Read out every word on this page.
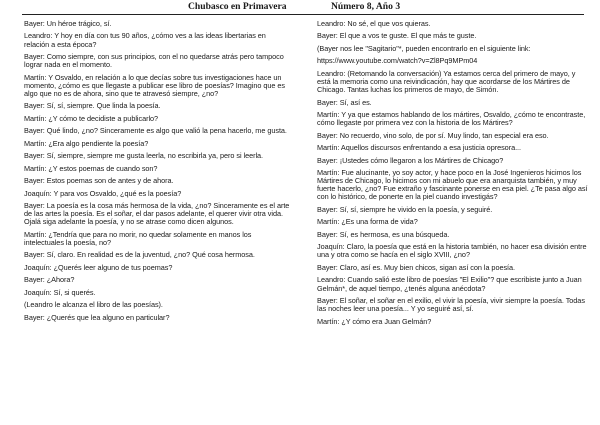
Chubasco en Primavera	Número 8, Año 3

Bayer: Un héroe trágico, sí.

Leandro: Y hoy en día con tus 90 años, ¿cómo ves a las ideas libertarias en relación a esta época?

Bayer: Como siempre, con sus principios, con el no quedarse atrás pero tampoco lograr nada en el momento.

Martín: Y Osvaldo, en relación a lo que decías sobre tus investigaciones hace un momento, ¿cómo es que llegaste a publicar ese libro de poesías? Imagino que es algo que no es de ahora, sino que te atravesó siempre, ¿no?

Bayer: Sí, sí, siempre. Que linda la poesía.

Martín: ¿Y cómo te decidiste a publicarlo?

Bayer: Qué lindo, ¿no? Sinceramente es algo que valió la pena hacerlo, me gusta.

Martín: ¿Era algo pendiente la poesía?

Bayer: Sí, siempre, siempre me gusta leerla, no escribirla ya, pero si leerla.

Martín: ¿Y estos poemas de cuando son?

Bayer: Estos poemas son de antes y de ahora.

Joaquín: Y para vos Osvaldo, ¿qué es la poesía?

Bayer: La poesía es la cosa más hermosa de la vida, ¿no? Sinceramente es el arte de las artes la poesía. Es el soñar, el dar pasos adelante, el querer vivir otra vida. Ojalá siga adelante la poesía, y no se atrase como dicen algunos.

Martín: ¿Tendría que para no morir, no quedar solamente en manos los intelectuales la poesía, no?

Bayer: Sí, claro. En realidad es de la juventud, ¿no? Qué cosa hermosa.

Joaquín: ¿Querés leer alguno de tus poemas?

Bayer: ¿Ahora?

Joaquín: Sí, si querés.

(Leandro le alcanza el libro de las poesías).

Bayer: ¿Querés que lea alguno en particular?

Leandro: No sé, el que vos quieras.

Bayer: El que a vos te guste. El que más te guste.

(Bayer nos lee "Sagitario"*, pueden encontrarlo en el siguiente link:

https://www.youtube.com/watch?v=Zl8Pq9MPm04

Leandro: (Retomando la conversación) Ya estamos cerca del primero de mayo, y está la memoria como una reivindicación, hay que acordarse de los Mártires de Chicago. Tantas luchas los primeros de mayo, de Simón.

Bayer: Sí, así es.

Martín: Y ya que estamos hablando de los mártires, Osvaldo, ¿cómo te encontraste, cómo llegaste por primera vez con la historia de los Mártires?

Bayer: No recuerdo, vino solo, de por sí. Muy lindo, tan especial era eso.

Martín: Aquellos discursos enfrentando a esa justicia opresora...

Bayer: ¡Ustedes cómo llegaron a los Mártires de Chicago?

Martín: Fue alucinante, yo soy actor, y hace poco en la José Ingenieros hicimos los Mártires de Chicago, lo hicimos con mi abuelo que era anarquista también, y muy fuerte hacerlo, ¿no? Fue extraño y fascinante ponerse en esa piel. ¿Te pasa algo así con lo histórico, de ponerte en la piel cuando investigás?

Bayer: Sí, sí, siempre he vivido en la poesía, y seguiré.

Martín: ¿Es una forma de vida?

Bayer: Sí, es hermosa, es una búsqueda.

Joaquín: Claro, la poesía que está en la historia también, no hacer esa división entre una y otra como se hacía en el siglo XVIII, ¿no?

Bayer: Claro, así es. Muy bien chicos, sigan así con la poesía.

Leandro: Cuando salió este libro de poesías "El Exilio"? que escribiste junto a Juan Gelmán*, de aquel tiempo, ¿tenés alguna anécdota?

Bayer: El soñar, el soñar en el exilio, el vivir la poesía, vivir siempre la poesía. Todas las noches leer una poesía... Y yo seguiré así, sí.

Martín: ¿Y cómo era Juan Gelmán?
